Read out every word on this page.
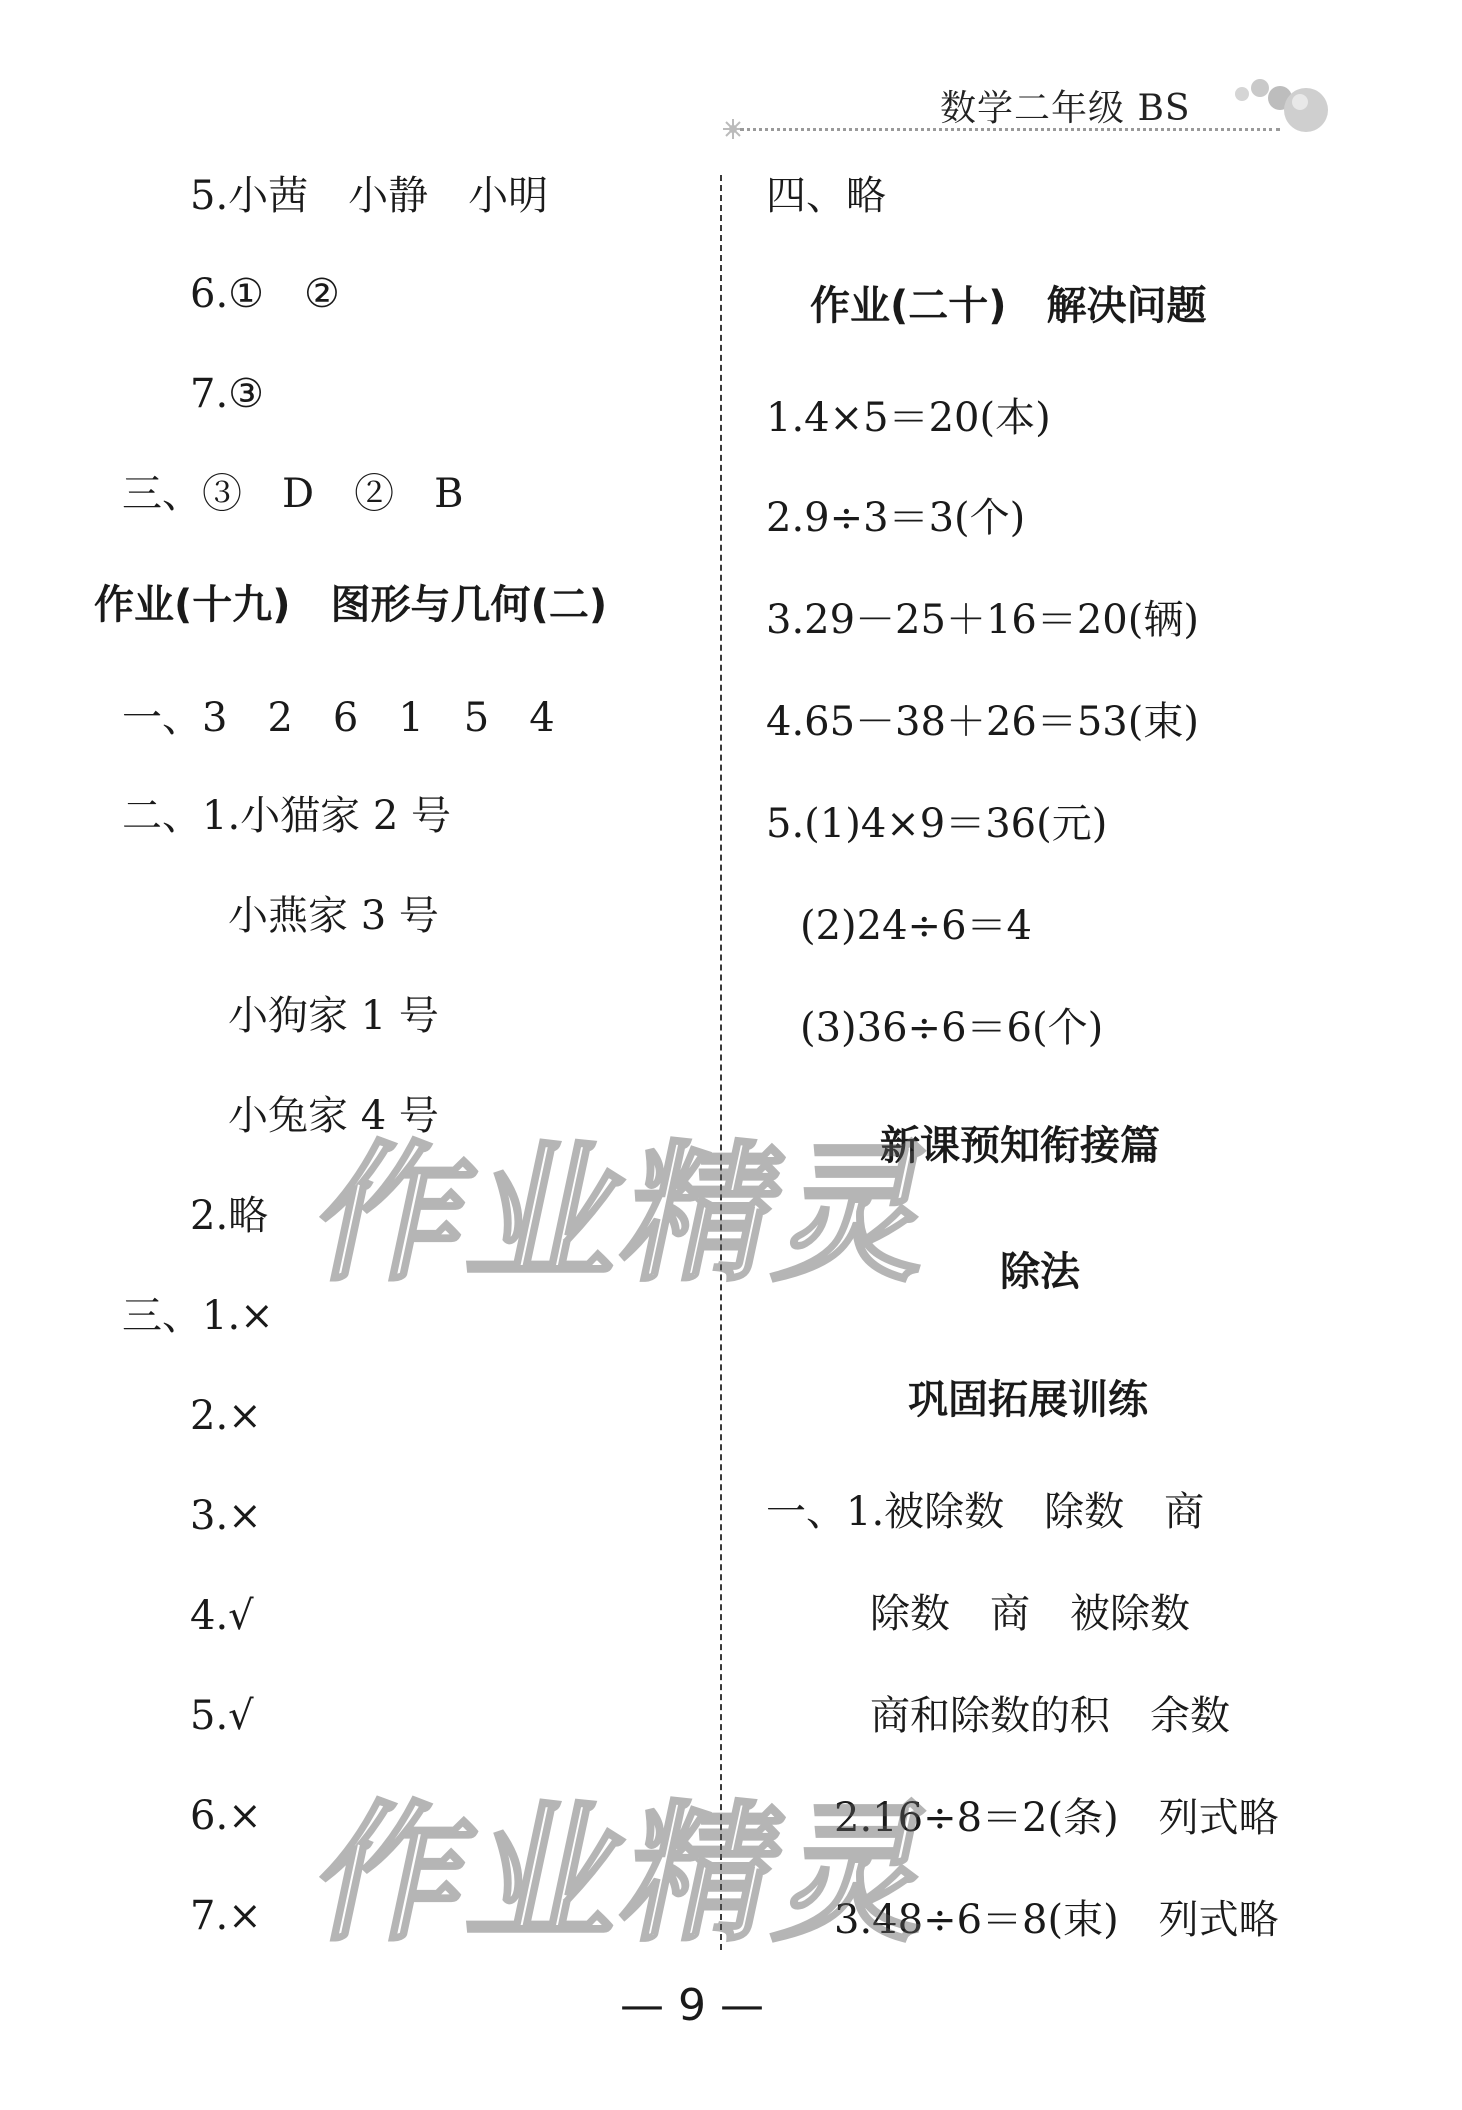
数学二年级 BS
5.小茜　小静　小明
6.①　②
7.③
三、③　D　②　B
作业(十九)　图形与几何(二)
一、3　2　6　1　5　4
二、1.小猫家 2 号
小燕家 3 号
小狗家 1 号
小兔家 4 号
2.略
三、1.×
2.×
3.×
4.√
5.√
6.×
7.×
四、略
作业(二十)　解决问题
1.4×5＝20(本)
2.9÷3＝3(个)
3.29－25＋16＝20(辆)
4.65－38＋26＝53(束)
5.(1)4×9＝36(元)
(2)24÷6＝4
(3)36÷6＝6(个)
新课预知衔接篇
除法
巩固拓展训练
一、1.被除数　除数　商
除数　商　被除数
商和除数的积　余数
2.16÷8＝2(条)　列式略
3.48÷6＝8(束)　列式略
作业精灵
作业精灵
— 9 —
